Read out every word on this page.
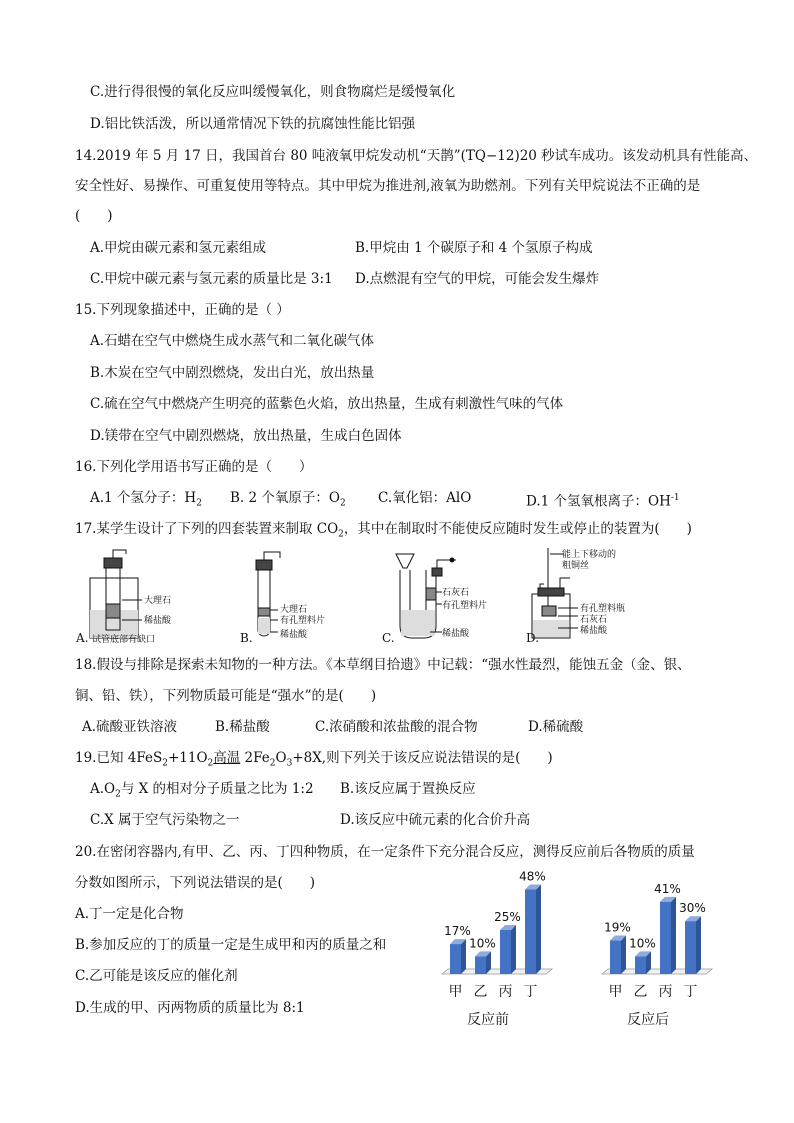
C.进行得很慢的氧化反应叫缓慢氧化，则食物腐烂是缓慢氧化
D.铝比铁活泼，所以通常情况下铁的抗腐蚀性能比铝强
14.2019 年 5 月 17 日，我国首台 80 吨液氧甲烷发动机“天鹊”(TQ−12)20 秒试车成功。该发动机具有性能高、
安全性好、易操作、可重复使用等特点。其中甲烷为推进剂,液氧为助燃剂。下列有关甲烷说法不正确的是
(　　)
A.甲烷由碳元素和氢元素组成	B.甲烷由 1 个碳原子和 4 个氢原子构成
C.甲烷中碳元素与氢元素的质量比是 3:1 D.点燃混有空气的甲烷，可能会发生爆炸
15.下列现象描述中，正确的是（ ）
A.石蜡在空气中燃烧生成水蒸气和二氧化碳气体
B.木炭在空气中剧烈燃烧，发出白光，放出热量
C.硫在空气中燃烧产生明亮的蓝紫色火焰，放出热量，生成有刺激性气味的气体
D.镁带在空气中剧烈燃烧，放出热量，生成白色固体
16.下列化学用语书写正确的是（　　）
A.1 个氢分子：$H_2$ B. 2 个氧原子：$O_2$ C.氧化铝：AlO	D.1 个氢氧根离子：$OH^{-1}$
17.某学生设计了下列的四套装置来制取 $CO_2$，其中在制取时不能使反应随时发生或停止的装置为(　　)
大理石
稀盐酸
A. 试管底部有缺口
大理石
有孔塑料片
稀盐酸
B.
石灰石
有孔塑料片
稀盐酸
C.
能上下移动的
粗铜丝
有孔塑料瓶
石灰石
稀盐酸
D.
18.假设与排除是探索未知物的一种方法。《本草纲目拾遗》中记载：“强水性最烈，能蚀五金（金、银、
铜、铅、铁），下列物质最可能是“强水”的是(　　)
A.硫酸亚铁溶液	B.稀盐酸	C.浓硝酸和浓盐酸的混合物	D.稀硫酸
19.已知 $4FeS_2+11O_2$高温 $2Fe_2O_3+8X$,则下列关于该反应说法错误的是(　　)
$A.O_2$与 X 的相对分子质量之比为 1:2 B.该反应属于置换反应
C.X 属于空气污染物之一	D.该反应中硫元素的化合价升高
20.在密闭容器内,有甲、乙、丙、丁四种物质，在一定条件下充分混合反应，测得反应前后各物质的质量
分数如图所示，下列说法错误的是(　　)
A.丁一定是化合物
B.参加反应的丁的质量一定是生成甲和丙的质量之和
C.乙可能是该反应的催化剂
D.生成的甲、丙两物质的质量比为 8:1
17%
甲
10%
乙
25%
丙
48%
丁
反应前
19%
甲
10%
乙
41%
丙
30%
丁
反应后
